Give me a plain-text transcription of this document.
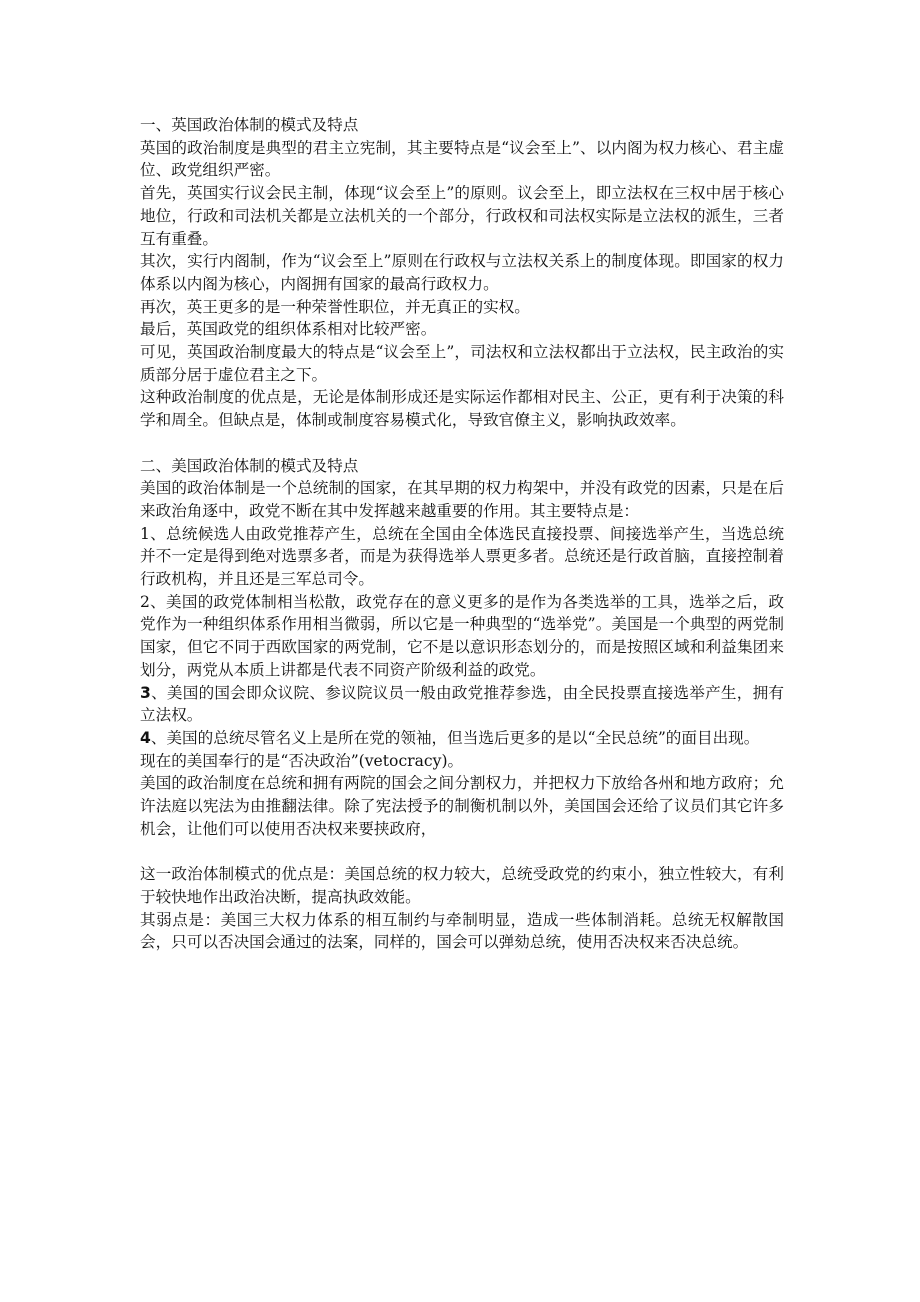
一、英国政治体制的模式及特点

英国的政治制度是典型的君主立宪制，其主要特点是“议会至上”、以内阁为权力核心、君主虚位、政党组织严密。

首先，英国实行议会民主制，体现“议会至上”的原则。议会至上，即立法权在三权中居于核心地位，行政和司法机关都是立法机关的一个部分，行政权和司法权实际是立法权的派生，三者互有重叠。

其次，实行内阁制，作为“议会至上”原则在行政权与立法权关系上的制度体现。即国家的权力体系以内阁为核心，内阁拥有国家的最高行政权力。

再次，英王更多的是一种荣誉性职位，并无真正的实权。

最后，英国政党的组织体系相对比较严密。

可见，英国政治制度最大的特点是“议会至上”，司法权和立法权都出于立法权，民主政治的实质部分居于虚位君主之下。

这种政治制度的优点是，无论是体制形成还是实际运作都相对民主、公正，更有利于决策的科学和周全。但缺点是，体制或制度容易模式化，导致官僚主义，影响执政效率。

二、美国政治体制的模式及特点

美国的政治体制是一个总统制的国家，在其早期的权力构架中，并没有政党的因素，只是在后来政治角逐中，政党不断在其中发挥越来越重要的作用。其主要特点是：

1、总统候选人由政党推荐产生，总统在全国由全体选民直接投票、间接选举产生，当选总统并不一定是得到绝对选票多者，而是为获得选举人票更多者。总统还是行政首脑，直接控制着行政机构，并且还是三军总司令。

2、美国的政党体制相当松散，政党存在的意义更多的是作为各类选举的工具，选举之后，政党作为一种组织体系作用相当微弱，所以它是一种典型的“选举党”。美国是一个典型的两党制国家，但它不同于西欧国家的两党制，它不是以意识形态划分的，而是按照区域和利益集团来划分，两党从本质上讲都是代表不同资产阶级利益的政党。

3、美国的国会即众议院、参议院议员一般由政党推荐参选，由全民投票直接选举产生，拥有立法权。

4、美国的总统尽管名义上是所在党的领袖，但当选后更多的是以“全民总统”的面目出现。

现在的美国奉行的是“否决政治”(vetocracy)。

美国的政治制度在总统和拥有两院的国会之间分割权力，并把权力下放给各州和地方政府；允许法庭以宪法为由推翻法律。除了宪法授予的制衡机制以外，美国国会还给了议员们其它许多机会，让他们可以使用否决权来要挟政府，

这一政治体制模式的优点是：美国总统的权力较大，总统受政党的约束小，独立性较大，有利于较快地作出政治决断，提高执政效能。

其弱点是：美国三大权力体系的相互制约与牵制明显，造成一些体制消耗。总统无权解散国会，只可以否决国会通过的法案，同样的，国会可以弹劾总统，使用否决权来否决总统。
